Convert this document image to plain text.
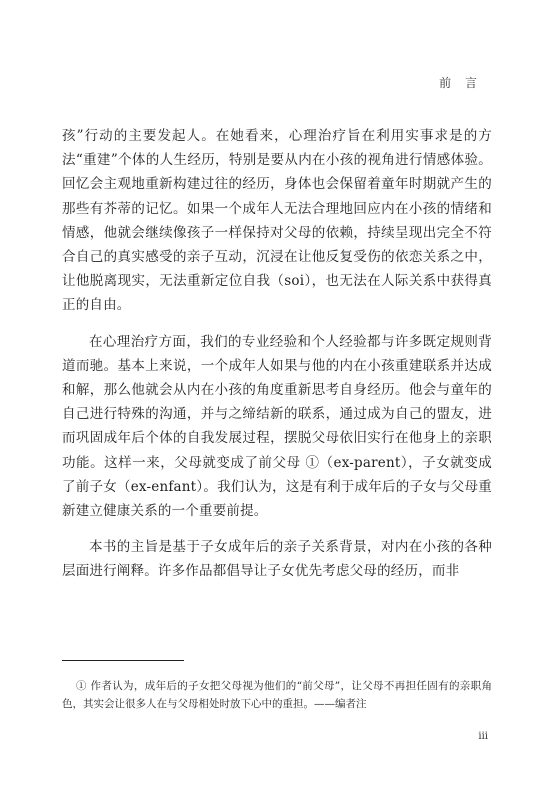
前 言

孩”行动的主要发起人。在她看来，心理治疗旨在利用实事求是的方法“重建”个体的人生经历，特别是要从内在小孩的视角进行情感体验。回忆会主观地重新构建过往的经历，身体也会保留着童年时期就产生的那些有芥蒂的记忆。如果一个成年人无法合理地回应内在小孩的情绪和情感，他就会继续像孩子一样保持对父母的依赖，持续呈现出完全不符合自己的真实感受的亲子互动，沉浸在让他反复受伤的依恋关系之中，让他脱离现实，无法重新定位自我（soi），也无法在人际关系中获得真正的自由。

在心理治疗方面，我们的专业经验和个人经验都与许多既定规则背道而驰。基本上来说，一个成年人如果与他的内在小孩重建联系并达成和解，那么他就会从内在小孩的角度重新思考自身经历。他会与童年的自己进行特殊的沟通，并与之缔结新的联系，通过成为自己的盟友，进而巩固成年后个体的自我发展过程，摆脱父母依旧实行在他身上的亲职功能。这样一来，父母就变成了前父母 ①（ex-parent），子女就变成了前子女（ex-enfant）。我们认为，这是有利于成年后的子女与父母重新建立健康关系的一个重要前提。

本书的主旨是基于子女成年后的亲子关系背景，对内在小孩的各种层面进行阐释。许多作品都倡导让子女优先考虑父母的经历，而非

① 作者认为，成年后的子女把父母视为他们的“前父母”，让父母不再担任固有的亲职角色，其实会让很多人在与父母相处时放下心中的重担。——编者注
ⅲ
